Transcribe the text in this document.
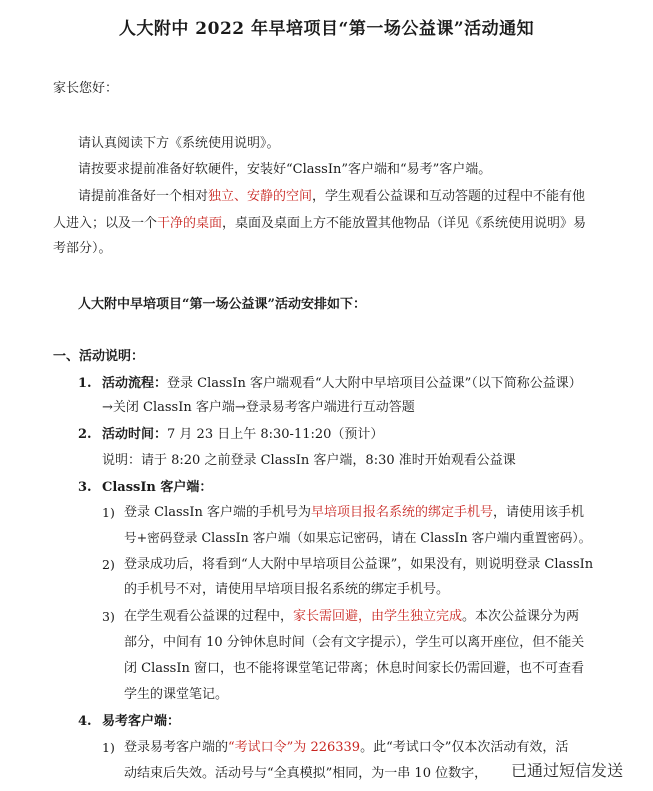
人大附中 2022 年早培项目“第一场公益课”活动通知
家长您好：
请认真阅读下方《系统使用说明》。
请按要求提前准备好软硬件，安装好“ClassIn”客户端和“易考”客户端。
请提前准备好一个相对独立、安静的空间，学生观看公益课和互动答题的过程中不能有他
人进入；以及一个干净的桌面，桌面及桌面上方不能放置其他物品（详见《系统使用说明》易
考部分）。
人大附中早培项目“第一场公益课”活动安排如下：
一、活动说明：
1. 活动流程：登录 ClassIn 客户端观看“人大附中早培项目公益课”（以下简称公益课）
→关闭 ClassIn 客户端→登录易考客户端进行互动答题
2. 活动时间：7 月 23 日上午 8:30-11:20（预计）
说明：请于 8:20 之前登录 ClassIn 客户端，8:30 准时开始观看公益课
3. ClassIn 客户端：
1) 登录 ClassIn 客户端的手机号为早培项目报名系统的绑定手机号，请使用该手机
号+密码登录 ClassIn 客户端（如果忘记密码，请在 ClassIn 客户端内重置密码）。
2) 登录成功后，将看到“人大附中早培项目公益课”，如果没有，则说明登录 ClassIn
的手机号不对，请使用早培项目报名系统的绑定手机号。
3) 在学生观看公益课的过程中，家长需回避，由学生独立完成。本次公益课分为两
部分，中间有 10 分钟休息时间（会有文字提示），学生可以离开座位，但不能关
闭 ClassIn 窗口，也不能将课堂笔记带离；休息时间家长仍需回避，也不可查看
学生的课堂笔记。
4. 易考客户端：
1) 登录易考客户端的“考试口令”为 226339。此“考试口令”仅本次活动有效，活
动结束后失效。活动号与“全真模拟”相同，为一串 10 位数字， 已通过短信发送
